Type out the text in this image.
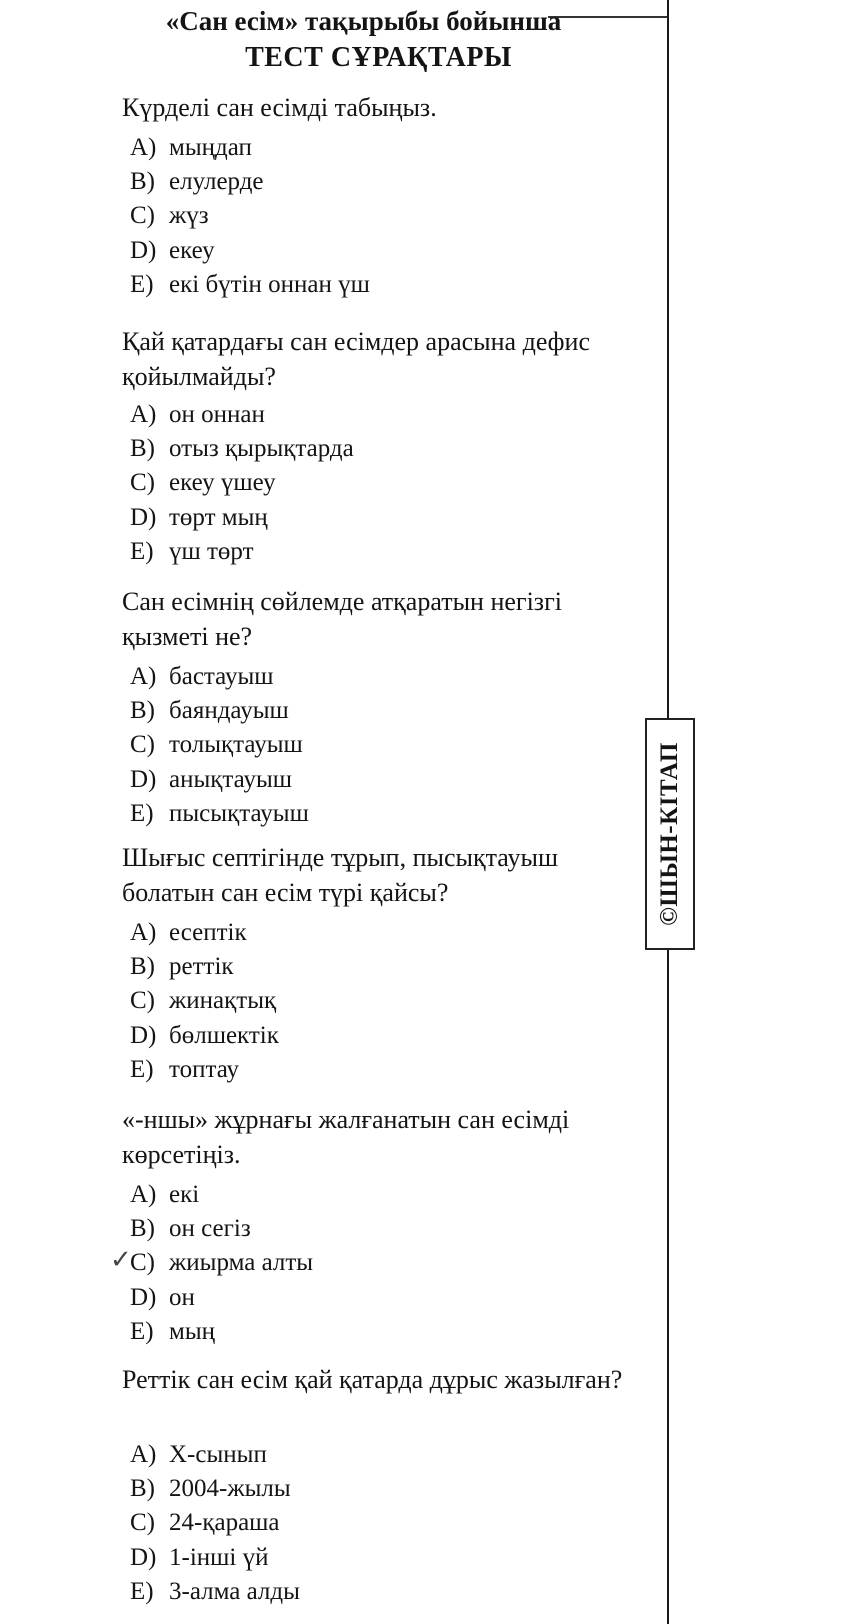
«Сан есім» тақырыбы бойынша
ТЕСТ СҰРАҚТАРЫ
©ШЫН-КІТАП
Күрделі сан есімді табыңыз.
A) мыңдап
B) елулерде
C) жүз
D) екеу
E) екі бүтін оннан үш
Қай қатардағы сан есімдер арасына дефис қойылмайды?
A) он оннан
B) отыз қырықтарда
C) екеу үшеу
D) төрт мың
E) үш төрт
Сан есімнің сөйлемде атқаратын негізгі қызметі не?
A) бастауыш
B) баяндауыш
C) толықтауыш
D) анықтауыш
E) пысықтауыш
Шығыс септігінде тұрып, пысықтауыш болатын сан есім түрі қайсы?
A) есептік
B) реттік
C) жинақтық
D) бөлшектік
E) топтау
«-ншы» жұрнағы жалғанатын сан есімді көрсетіңіз.
A) екі
B) он сегіз
C) жиырма алты
D) он
E) мың
✓
Реттік сан есім қай қатарда дұрыс жазылған?
A) Х-сынып
B) 2004-жылы
C) 24-қараша
D) 1-інші үй
E) 3-алма алды
